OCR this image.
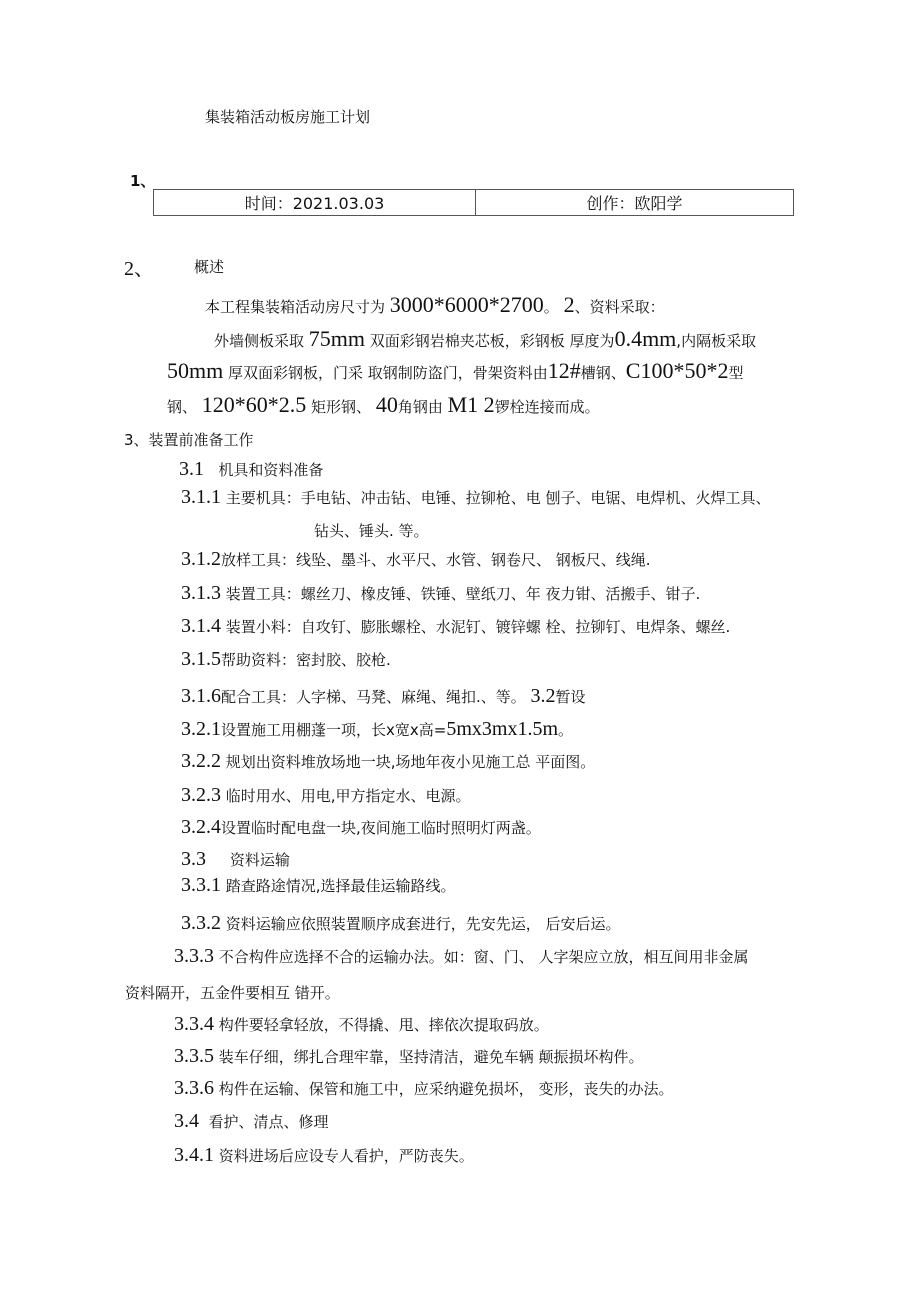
集装箱活动板房施工计划
1、
时间：2021.03.03	创作：欧阳学
2、	概述
本工程集装箱活动房尺寸为 3000*6000*2700。 2、资料采取：
外墙侧板采取 75mm 双面彩钢岩棉夹芯板，彩钢板 厚度为0.4mm,内隔板采取
50mm 厚双面彩钢板，门采 取钢制防盗门，骨架资料由12#槽钢、C100*50*2型
钢、 120*60*2.5 矩形钢、 40角钢由 M1 2锣栓连接而成。
3、装置前准备工作
3.1 机具和资料准备
3.1.1 主要机具：手电钻、冲击钻、电锤、拉铆枪、电 刨子、电锯、电焊机、火焊工具、
钻头、锤头. 等。
3.1.2放样工具：线坠、墨斗、水平尺、水管、钢卷尺、 钢板尺、线绳.
3.1.3 装置工具：螺丝刀、橡皮锤、铁锤、壁纸刀、年 夜力钳、活搬手、钳子.
3.1.4 装置小料：自攻钉、膨胀螺栓、水泥钉、镀锌螺 栓、拉铆钉、电焊条、螺丝.
3.1.5帮助资料：密封胶、胶枪.
3.1.6配合工具：人字梯、马凳、麻绳、绳扣.、等。 3.2暂设
3.2.1设置施工用棚蓬一项，长x宽x高=5mx3mx1.5m。
3.2.2 规划出资料堆放场地一块,场地年夜小见施工总 平面图。
3.2.3 临时用水、用电,甲方指定水、电源。
3.2.4设置临时配电盘一块,夜间施工临时照明灯两盏。
3.3 资料运输
3.3.1 踏查路途情况,选择最佳运输路线。
3.3.2 资料运输应依照装置顺序成套进行，先安先运， 后安后运。
3.3.3 不合构件应选择不合的运输办法。如：窗、门、 人字架应立放，相互间用非金属
资料隔开，五金件要相互 错开。
3.3.4 构件要轻拿轻放，不得撬、甩、摔依次提取码放。
3.3.5 装车仔细，绑扎合理牢靠，坚持清洁，避免车辆 颠振损坏构件。
3.3.6 构件在运输、保管和施工中，应采纳避免损坏， 变形，丧失的办法。
3.4 看护、清点、修理
3.4.1 资料进场后应设专人看护，严防丧失。
